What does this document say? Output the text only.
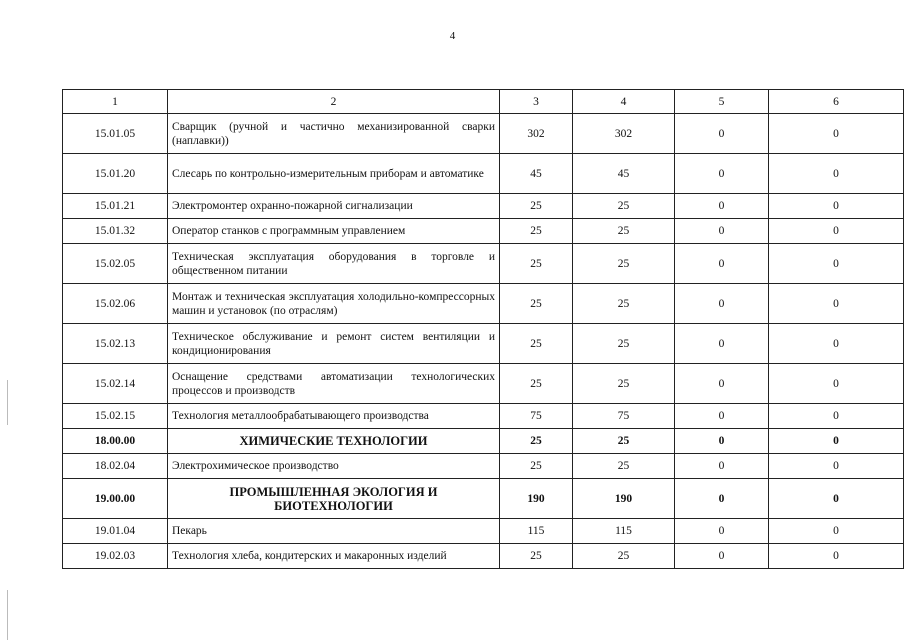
4
1	2	3	4	5	6
15.01.05	Сварщик (ручной и частично механизированной сварки (наплавки))	302	302	0	0
15.01.20	Слесарь по контрольно-измерительным приборам и автоматике	45	45	0	0
15.01.21	Электромонтер охранно-пожарной сигнализации	25	25	0	0
15.01.32	Оператор станков с программным управлением	25	25	0	0
15.02.05	Техническая эксплуатация оборудования в торговле и общественном питании	25	25	0	0
15.02.06	Монтаж и техническая эксплуатация холодильно-компрессорных машин и установок (по отраслям)	25	25	0	0
15.02.13	Техническое обслуживание и ремонт систем вентиляции и кондиционирования	25	25	0	0
15.02.14	Оснащение средствами автоматизации технологических процессов и производств	25	25	0	0
15.02.15	Технология металлообрабатывающего производства	75	75	0	0
18.00.00	ХИМИЧЕСКИЕ ТЕХНОЛОГИИ	25	25	0	0
18.02.04	Электрохимическое производство	25	25	0	0
19.00.00	ПРОМЫШЛЕННАЯ ЭКОЛОГИЯ И БИОТЕХНОЛОГИИ	190	190	0	0
19.01.04	Пекарь	115	115	0	0
19.02.03	Технология хлеба, кондитерских и макаронных изделий	25	25	0	0
